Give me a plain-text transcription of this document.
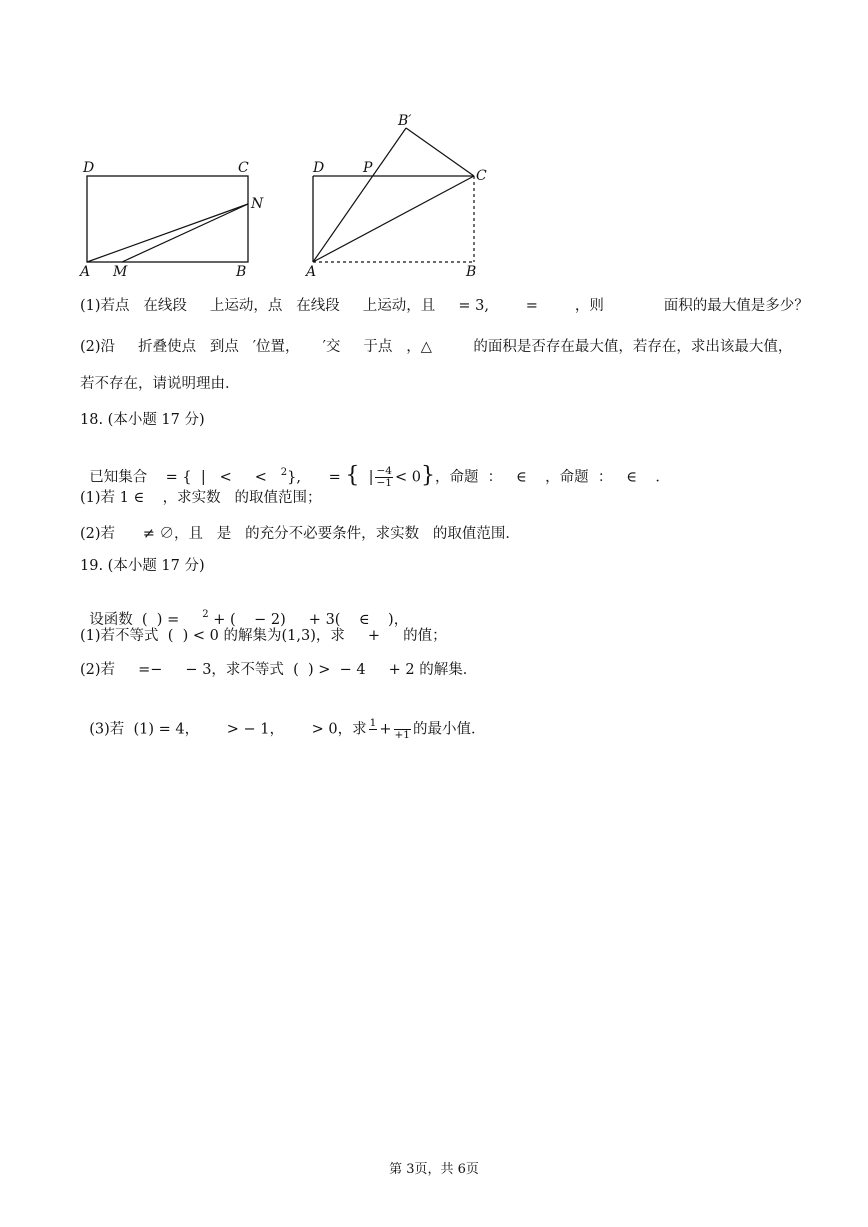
D	C
N
A M	B
B′
D	P	C
A	B
(1)若点   在线段     上运动，点   在线段     上运动，且     = 3,        =        ，则             面积的最大值是多少？
(2)沿     折叠使点   到点   ′位置，     ′交     于点   ，△         的面积是否存在最大值，若存在，求出该最大值，
若不存在，请说明理由．
18. (本小题 17 分)

已知集合    = {  |   <     <   $^2$},      = {  | $\frac{-4}{-1} < 0$}，命题  ：   ∈    ，命题  ：   ∈    ．

(1)若 1 ∈    ，求实数   的取值范围；
(2)若      ≠ ∅，且   是   的充分不必要条件，求实数   的取值范围．
19. (本小题 17 分)

设函数  (  ) =     $^2$ + (    − 2)     + 3(    ∈    )，

(1)若不等式  (  ) < 0 的解集为(1,3)，求     +     的值；
(2)若     =−     − 3，求不等式  (  ) >  − 4     + 2 的解集．

(3)若  (1) = 4，      > − 1，      > 0，求 1
+
+1 的最小值．

第 3页，共 6页
